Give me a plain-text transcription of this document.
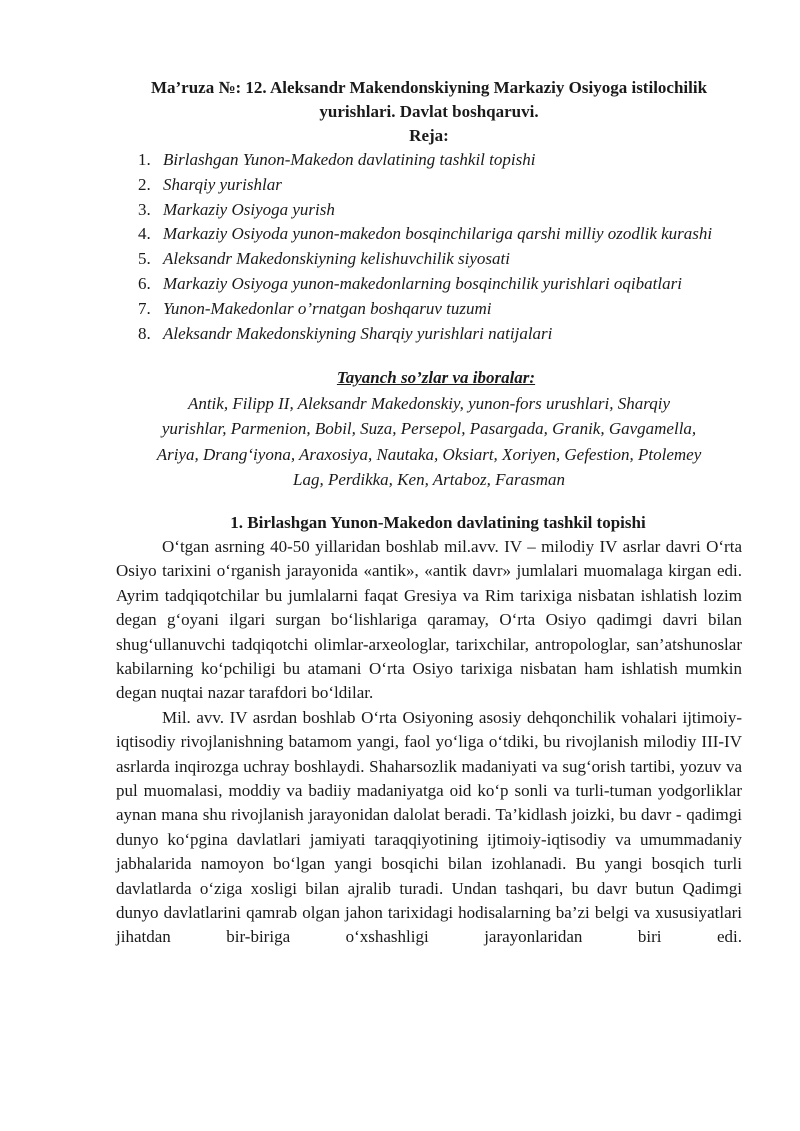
Ma’ruza №: 12. Aleksandr Makendonskiyning Markaziy Osiyoga istilochilik yurishlari. Davlat boshqaruvi.

Reja:

1. Birlashgan Yunon-Makedon davlatining tashkil topishi
2. Sharqiy yurishlar
3. Markaziy Osiyoga yurish
4. Markaziy Osiyoda yunon-makedon bosqinchilariga qarshi milliy ozodlik kurashi
5. Aleksandr Makedonskiyning kelishuvchilik siyosati
6. Markaziy Osiyoga yunon-makedonlarning bosqinchilik yurishlari oqibatlari
7. Yunon-Makedonlar o’rnatgan boshqaruv tuzumi
8. Aleksandr Makedonskiyning Sharqiy yurishlari natijalari
Tayanch so’zlar va iboralar:
Antik, Filipp II, Aleksandr Makedonskiy, yunon-fors urushlari, Sharqiy yurishlar, Parmenion, Bobil, Suza, Persepol, Pasargada, Granik, Gavgamella, Ariya, Drang‘iyona, Araxosiya, Nautaka, Oksiart, Xoriyen, Gefestion, Ptolemey Lag, Perdikka, Ken, Artaboz, Farasman
1. Birlashgan Yunon-Makedon davlatining tashkil topishi

O‘tgan asrning 40-50 yillaridan boshlab mil.avv. IV – milodiy IV asrlar davri O‘rta Osiyo tarixini o‘rganish jarayonida «antik», «antik davr» jumlalari muomalaga kirgan edi. Ayrim tadqiqotchilar bu jumlalarni faqat Gresiya va Rim tarixiga nisbatan ishlatish lozim degan g‘oyani ilgari surgan bo‘lishlariga qaramay, O‘rta Osiyo qadimgi davri bilan shug‘ullanuvchi tadqiqotchi olimlar-arxeologlar, tarixchilar, antropologlar, san’atshunoslar kabilarning ko‘pchiligi bu atamani O‘rta Osiyo tarixiga nisbatan ham ishlatish mumkin degan nuqtai nazar tarafdori bo‘ldilar.

Mil. avv. IV asrdan boshlab O‘rta Osiyoning asosiy dehqonchilik vohalari ijtimoiy-iqtisodiy rivojlanishning batamom yangi, faol yo‘liga o‘tdiki, bu rivojlanish milodiy III-IV asrlarda inqirozga uchray boshlaydi. Shaharsozlik madaniyati va sug‘orish tartibi, yozuv va pul muomalasi, moddiy va badiiy madaniyatga oid ko‘p sonli va turli-tuman yodgorliklar aynan mana shu rivojlanish jarayonidan dalolat beradi. Ta’kidlash joizki, bu davr - qadimgi dunyo ko‘pgina davlatlari jamiyati taraqqiyotining ijtimoiy-iqtisodiy va umummadaniy jabhalarida namoyon bo‘lgan yangi bosqichi bilan izohlanadi. Bu yangi bosqich turli davlatlarda o‘ziga xosligi bilan ajralib turadi. Undan tashqari, bu davr butun Qadimgi dunyo davlatlarini qamrab olgan jahon tarixidagi hodisalarning ba’zi belgi va xususiyatlari jihatdan bir-biriga o‘xshashligi jarayonlaridan biri edi.
